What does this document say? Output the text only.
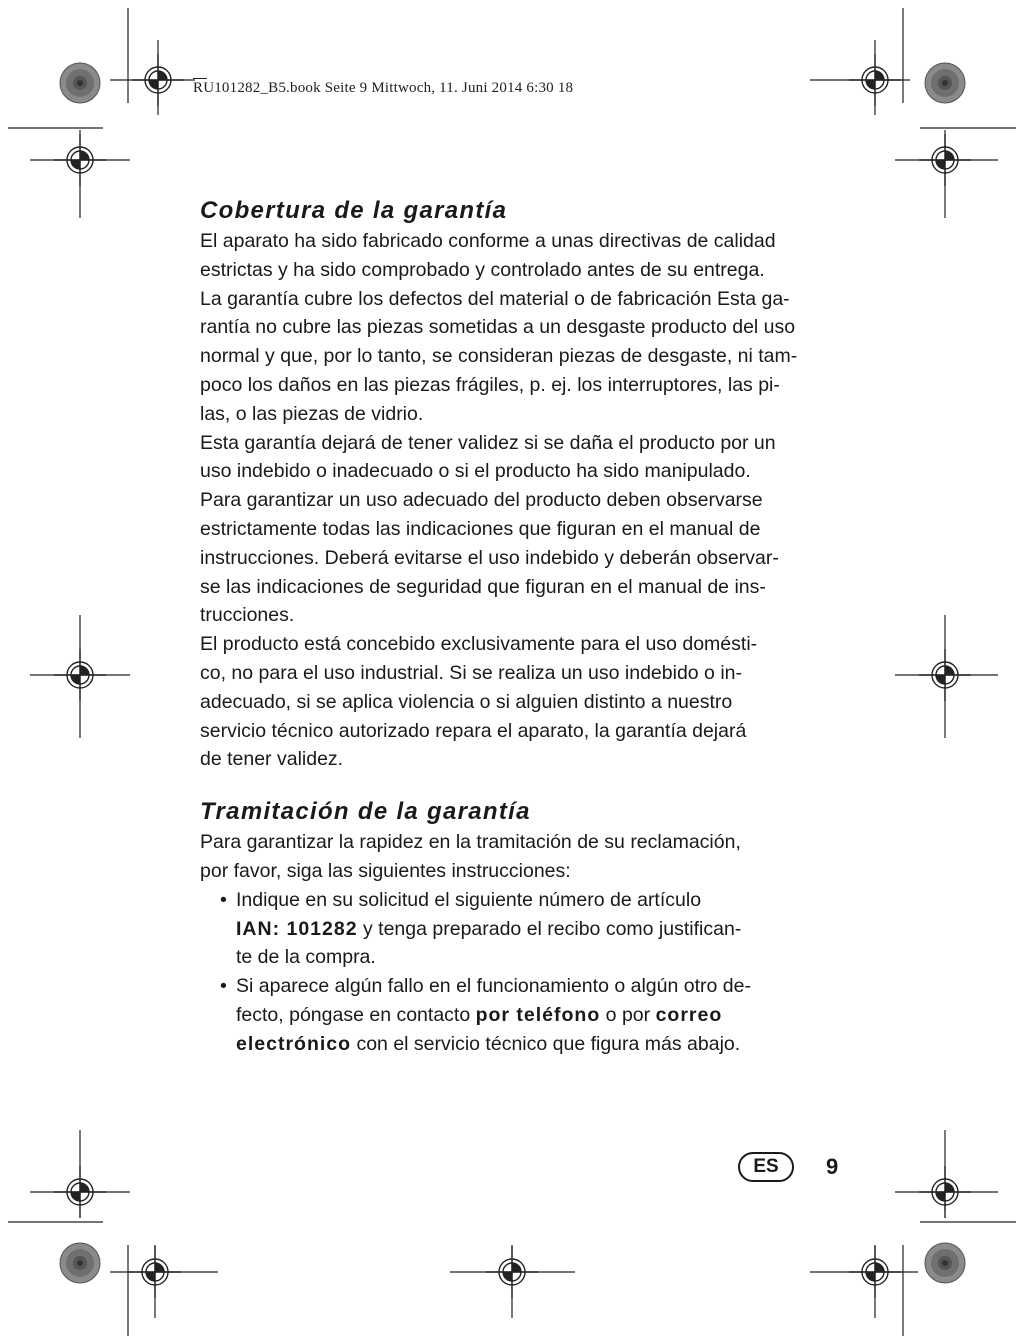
RU101282_B5.book Seite 9 Mittwoch, 11. Juni 2014 6:30 18
Cobertura de la garantía

El aparato ha sido fabricado conforme a unas directivas de calidad
estrictas y ha sido comprobado y controlado antes de su entrega.
La garantía cubre los defectos del material o de fabricación Esta ga-
rantía no cubre las piezas sometidas a un desgaste producto del uso
normal y que, por lo tanto, se consideran piezas de desgaste, ni tam-
poco los daños en las piezas frágiles, p. ej. los interruptores, las pi-
las, o las piezas de vidrio.
Esta garantía dejará de tener validez si se daña el producto por un
uso indebido o inadecuado o si el producto ha sido manipulado.
Para garantizar un uso adecuado del producto deben observarse
estrictamente todas las indicaciones que figuran en el manual de
instrucciones. Deberá evitarse el uso indebido y deberán observar-
se las indicaciones de seguridad que figuran en el manual de ins-
trucciones.
El producto está concebido exclusivamente para el uso domésti-
co, no para el uso industrial. Si se realiza un uso indebido o in-
adecuado, si se aplica violencia o si alguien distinto a nuestro
servicio técnico autorizado repara el aparato, la garantía dejará
de tener validez.

Tramitación de la garantía

Para garantizar la rapidez en la tramitación de su reclamación,
por favor, siga las siguientes instrucciones:

• Indique en su solicitud el siguiente número de artículo
IAN: 101282 y tenga preparado el recibo como justifican-
te de la compra.
• Si aparece algún fallo en el funcionamiento o algún otro de-
fecto, póngase en contacto por teléfono o por correo
electrónico con el servicio técnico que figura más abajo.
ES	9
